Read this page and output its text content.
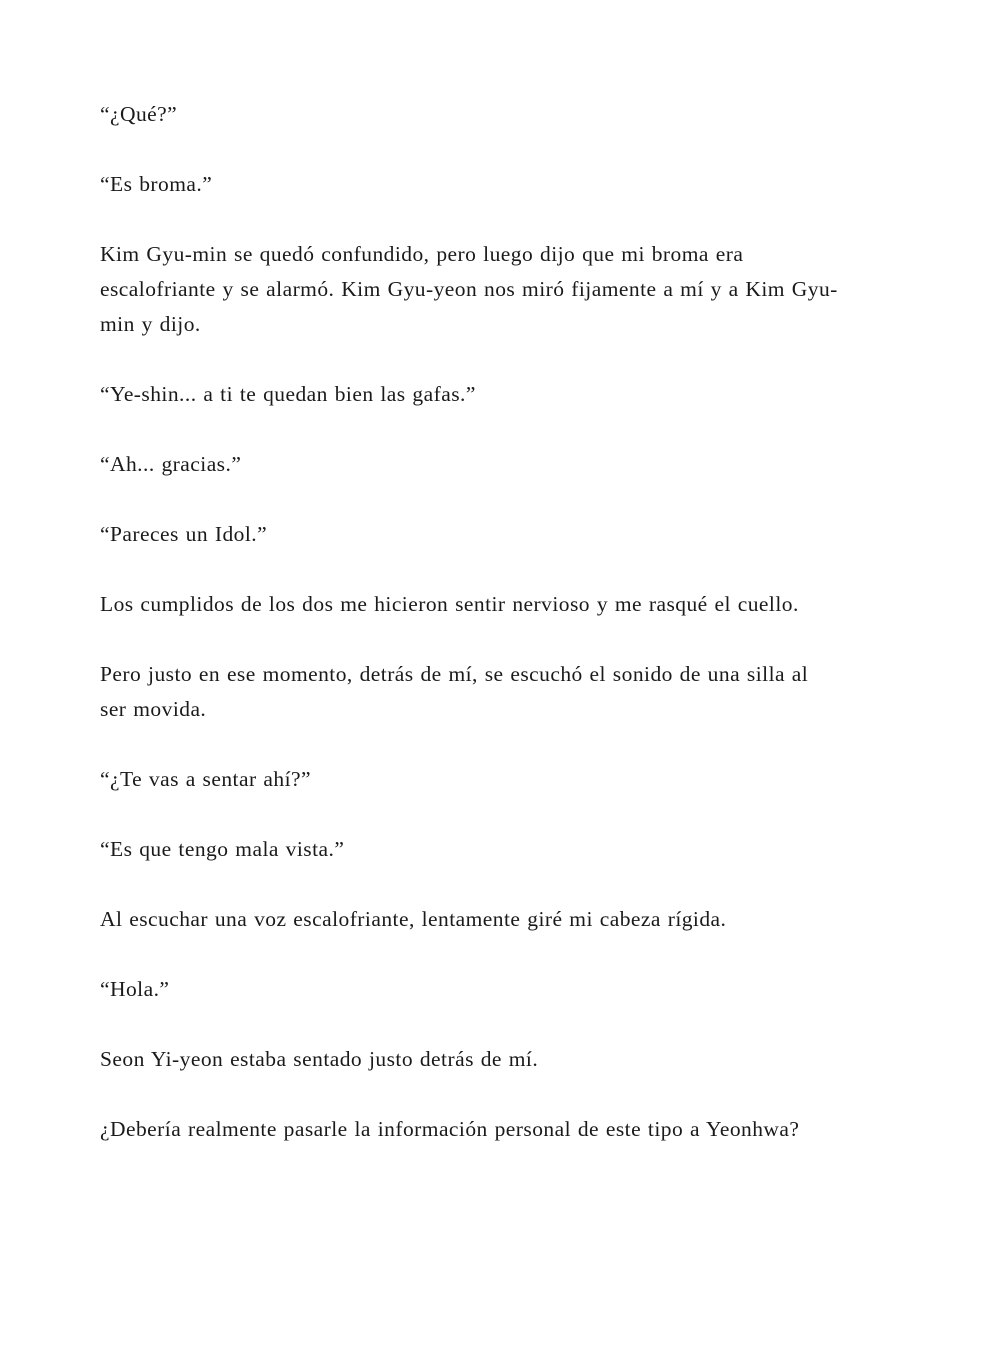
“¿Qué?”

“Es broma.”

Kim Gyu-min se quedó confundido, pero luego dijo que mi broma era
escalofriante y se alarmó. Kim Gyu-yeon nos miró fijamente a mí y a Kim Gyu-
min y dijo.

“Ye-shin... a ti te quedan bien las gafas.”

“Ah... gracias.”

“Pareces un Idol.”

Los cumplidos de los dos me hicieron sentir nervioso y me rasqué el cuello.

Pero justo en ese momento, detrás de mí, se escuchó el sonido de una silla al
ser movida.

“¿Te vas a sentar ahí?”

“Es que tengo mala vista.”

Al escuchar una voz escalofriante, lentamente giré mi cabeza rígida.

“Hola.”

Seon Yi-yeon estaba sentado justo detrás de mí.

¿Debería realmente pasarle la información personal de este tipo a Yeonhwa?
